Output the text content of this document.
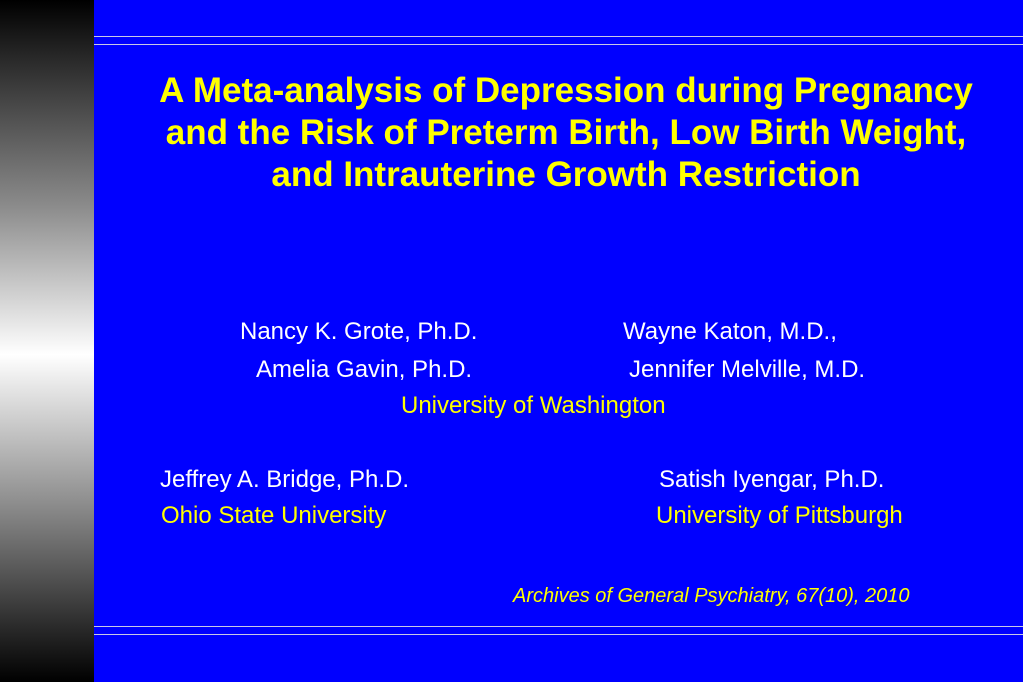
A Meta-analysis of Depression during Pregnancy and the Risk of Preterm Birth, Low Birth Weight, and Intrauterine Growth Restriction
Nancy K. Grote, Ph.D.	Wayne Katon, M.D.,
Amelia Gavin, Ph.D.	Jennifer Melville, M.D.
University of Washington
Jeffrey A. Bridge, Ph.D.	Satish Iyengar, Ph.D.
Ohio State University	University of Pittsburgh
Archives of General Psychiatry, 67(10), 2010
